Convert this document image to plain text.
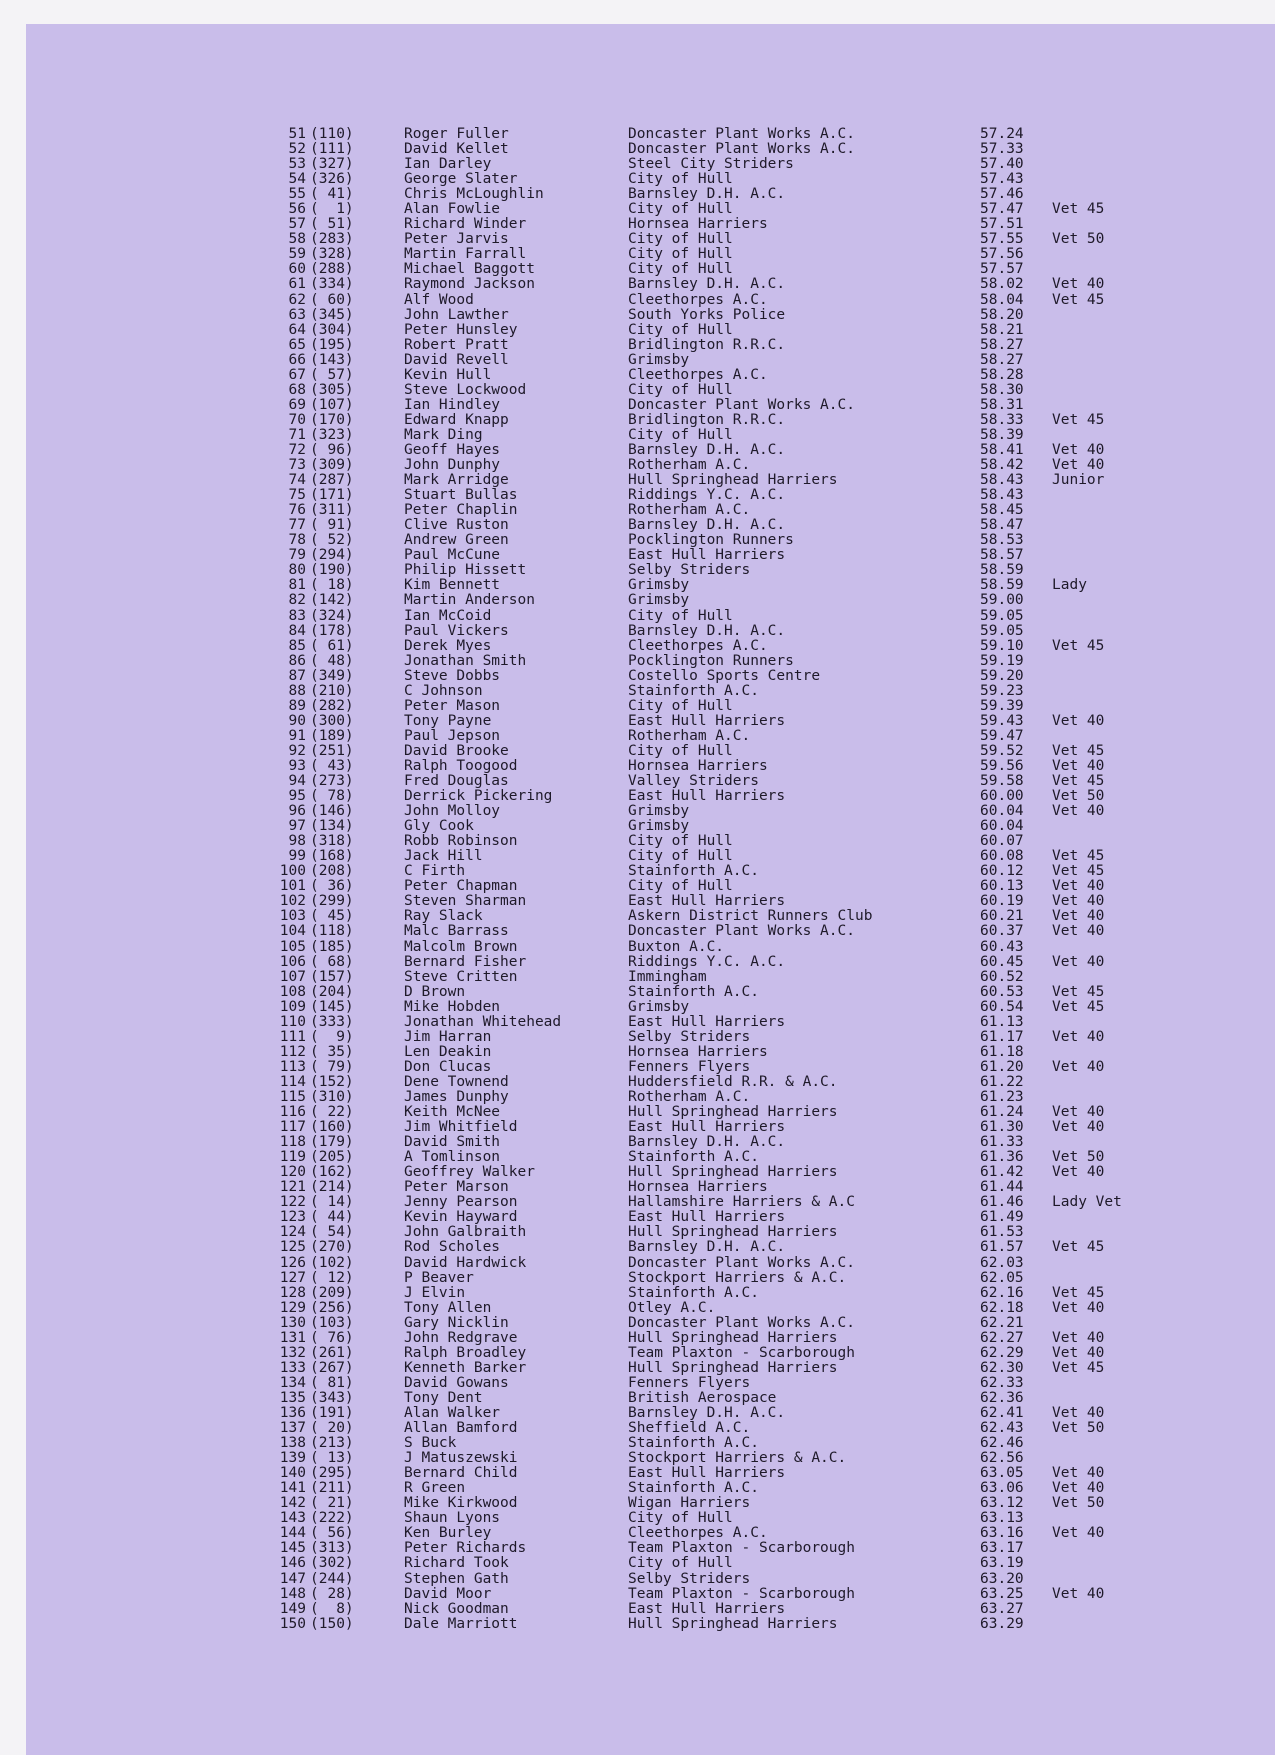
51 (110)	Roger Fuller	Doncaster Plant Works A.C.	57.24
52 (111)	David Kellet	Doncaster Plant Works A.C.	57.33
53 (327)	Ian Darley	Steel City Striders	57.40
54 (326)	George Slater	City of Hull	57.43
55 ( 41)	Chris McLoughlin	Barnsley D.H. A.C.	57.46
56 (  1)	Alan Fowlie	City of Hull	57.47 Vet 45
57 ( 51)	Richard Winder	Hornsea Harriers	57.51
58 (283)	Peter Jarvis	City of Hull	57.55 Vet 50
59 (328)	Martin Farrall	City of Hull	57.56
60 (288)	Michael Baggott	City of Hull	57.57
61 (334)	Raymond Jackson	Barnsley D.H. A.C.	58.02 Vet 40
62 ( 60)	Alf Wood	Cleethorpes A.C.	58.04 Vet 45
63 (345)	John Lawther	South Yorks Police	58.20
64 (304)	Peter Hunsley	City of Hull	58.21
65 (195)	Robert Pratt	Bridlington R.R.C.	58.27
66 (143)	David Revell	Grimsby	58.27
67 ( 57)	Kevin Hull	Cleethorpes A.C.	58.28
68 (305)	Steve Lockwood	City of Hull	58.30
69 (107)	Ian Hindley	Doncaster Plant Works A.C.	58.31
70 (170)	Edward Knapp	Bridlington R.R.C.	58.33 Vet 45
71 (323)	Mark Ding	City of Hull	58.39
72 ( 96)	Geoff Hayes	Barnsley D.H. A.C.	58.41 Vet 40
73 (309)	John Dunphy	Rotherham A.C.	58.42 Vet 40
74 (287)	Mark Arridge	Hull Springhead Harriers	58.43 Junior
75 (171)	Stuart Bullas	Riddings Y.C. A.C.	58.43
76 (311)	Peter Chaplin	Rotherham A.C.	58.45
77 ( 91)	Clive Ruston	Barnsley D.H. A.C.	58.47
78 ( 52)	Andrew Green	Pocklington Runners	58.53
79 (294)	Paul McCune	East Hull Harriers	58.57
80 (190)	Philip Hissett	Selby Striders	58.59
81 ( 18)	Kim Bennett	Grimsby	58.59 Lady
82 (142)	Martin Anderson	Grimsby	59.00
83 (324)	Ian McCoid	City of Hull	59.05
84 (178)	Paul Vickers	Barnsley D.H. A.C.	59.05
85 ( 61)	Derek Myes	Cleethorpes A.C.	59.10 Vet 45
86 ( 48)	Jonathan Smith	Pocklington Runners	59.19
87 (349)	Steve Dobbs	Costello Sports Centre	59.20
88 (210)	C Johnson	Stainforth A.C.	59.23
89 (282)	Peter Mason	City of Hull	59.39
90 (300)	Tony Payne	East Hull Harriers	59.43 Vet 40
91 (189)	Paul Jepson	Rotherham A.C.	59.47
92 (251)	David Brooke	City of Hull	59.52 Vet 45
93 ( 43)	Ralph Toogood	Hornsea Harriers	59.56 Vet 40
94 (273)	Fred Douglas	Valley Striders	59.58 Vet 45
95 ( 78)	Derrick Pickering	East Hull Harriers	60.00 Vet 50
96 (146)	John Molloy	Grimsby	60.04 Vet 40
97 (134)	Gly Cook	Grimsby	60.04
98 (318)	Robb Robinson	City of Hull	60.07
99 (168)	Jack Hill	City of Hull	60.08 Vet 45
100 (208)	C Firth	Stainforth A.C.	60.12 Vet 45
101 ( 36)	Peter Chapman	City of Hull	60.13 Vet 40
102 (299)	Steven Sharman	East Hull Harriers	60.19 Vet 40
103 ( 45)	Ray Slack	Askern District Runners Club	60.21 Vet 40
104 (118)	Malc Barrass	Doncaster Plant Works A.C.	60.37 Vet 40
105 (185)	Malcolm Brown	Buxton A.C.	60.43
106 ( 68)	Bernard Fisher	Riddings Y.C. A.C.	60.45 Vet 40
107 (157)	Steve Critten	Immingham	60.52
108 (204)	D Brown	Stainforth A.C.	60.53 Vet 45
109 (145)	Mike Hobden	Grimsby	60.54 Vet 45
110 (333)	Jonathan Whitehead	East Hull Harriers	61.13
111 (  9)	Jim Harran	Selby Striders	61.17 Vet 40
112 ( 35)	Len Deakin	Hornsea Harriers	61.18
113 ( 79)	Don Clucas	Fenners Flyers	61.20 Vet 40
114 (152)	Dene Townend	Huddersfield R.R. & A.C.	61.22
115 (310)	James Dunphy	Rotherham A.C.	61.23
116 ( 22)	Keith McNee	Hull Springhead Harriers	61.24 Vet 40
117 (160)	Jim Whitfield	East Hull Harriers	61.30 Vet 40
118 (179)	David Smith	Barnsley D.H. A.C.	61.33
119 (205)	A Tomlinson	Stainforth A.C.	61.36 Vet 50
120 (162)	Geoffrey Walker	Hull Springhead Harriers	61.42 Vet 40
121 (214)	Peter Marson	Hornsea Harriers	61.44
122 ( 14)	Jenny Pearson	Hallamshire Harriers & A.C	61.46 Lady Vet
123 ( 44)	Kevin Hayward	East Hull Harriers	61.49
124 ( 54)	John Galbraith	Hull Springhead Harriers	61.53
125 (270)	Rod Scholes	Barnsley D.H. A.C.	61.57 Vet 45
126 (102)	David Hardwick	Doncaster Plant Works A.C.	62.03
127 ( 12)	P Beaver	Stockport Harriers & A.C.	62.05
128 (209)	J Elvin	Stainforth A.C.	62.16 Vet 45
129 (256)	Tony Allen	Otley A.C.	62.18 Vet 40
130 (103)	Gary Nicklin	Doncaster Plant Works A.C.	62.21
131 ( 76)	John Redgrave	Hull Springhead Harriers	62.27 Vet 40
132 (261)	Ralph Broadley	Team Plaxton - Scarborough	62.29 Vet 40
133 (267)	Kenneth Barker	Hull Springhead Harriers	62.30 Vet 45
134 ( 81)	David Gowans	Fenners Flyers	62.33
135 (343)	Tony Dent	British Aerospace	62.36
136 (191)	Alan Walker	Barnsley D.H. A.C.	62.41 Vet 40
137 ( 20)	Allan Bamford	Sheffield A.C.	62.43 Vet 50
138 (213)	S Buck	Stainforth A.C.	62.46
139 ( 13)	J Matuszewski	Stockport Harriers & A.C.	62.56
140 (295)	Bernard Child	East Hull Harriers	63.05 Vet 40
141 (211)	R Green	Stainforth A.C.	63.06 Vet 40
142 ( 21)	Mike Kirkwood	Wigan Harriers	63.12 Vet 50
143 (222)	Shaun Lyons	City of Hull	63.13
144 ( 56)	Ken Burley	Cleethorpes A.C.	63.16 Vet 40
145 (313)	Peter Richards	Team Plaxton - Scarborough	63.17
146 (302)	Richard Took	City of Hull	63.19
147 (244)	Stephen Gath	Selby Striders	63.20
148 ( 28)	David Moor	Team Plaxton - Scarborough	63.25 Vet 40
149 (  8)	Nick Goodman	East Hull Harriers	63.27
150 (150)	Dale Marriott	Hull Springhead Harriers	63.29
